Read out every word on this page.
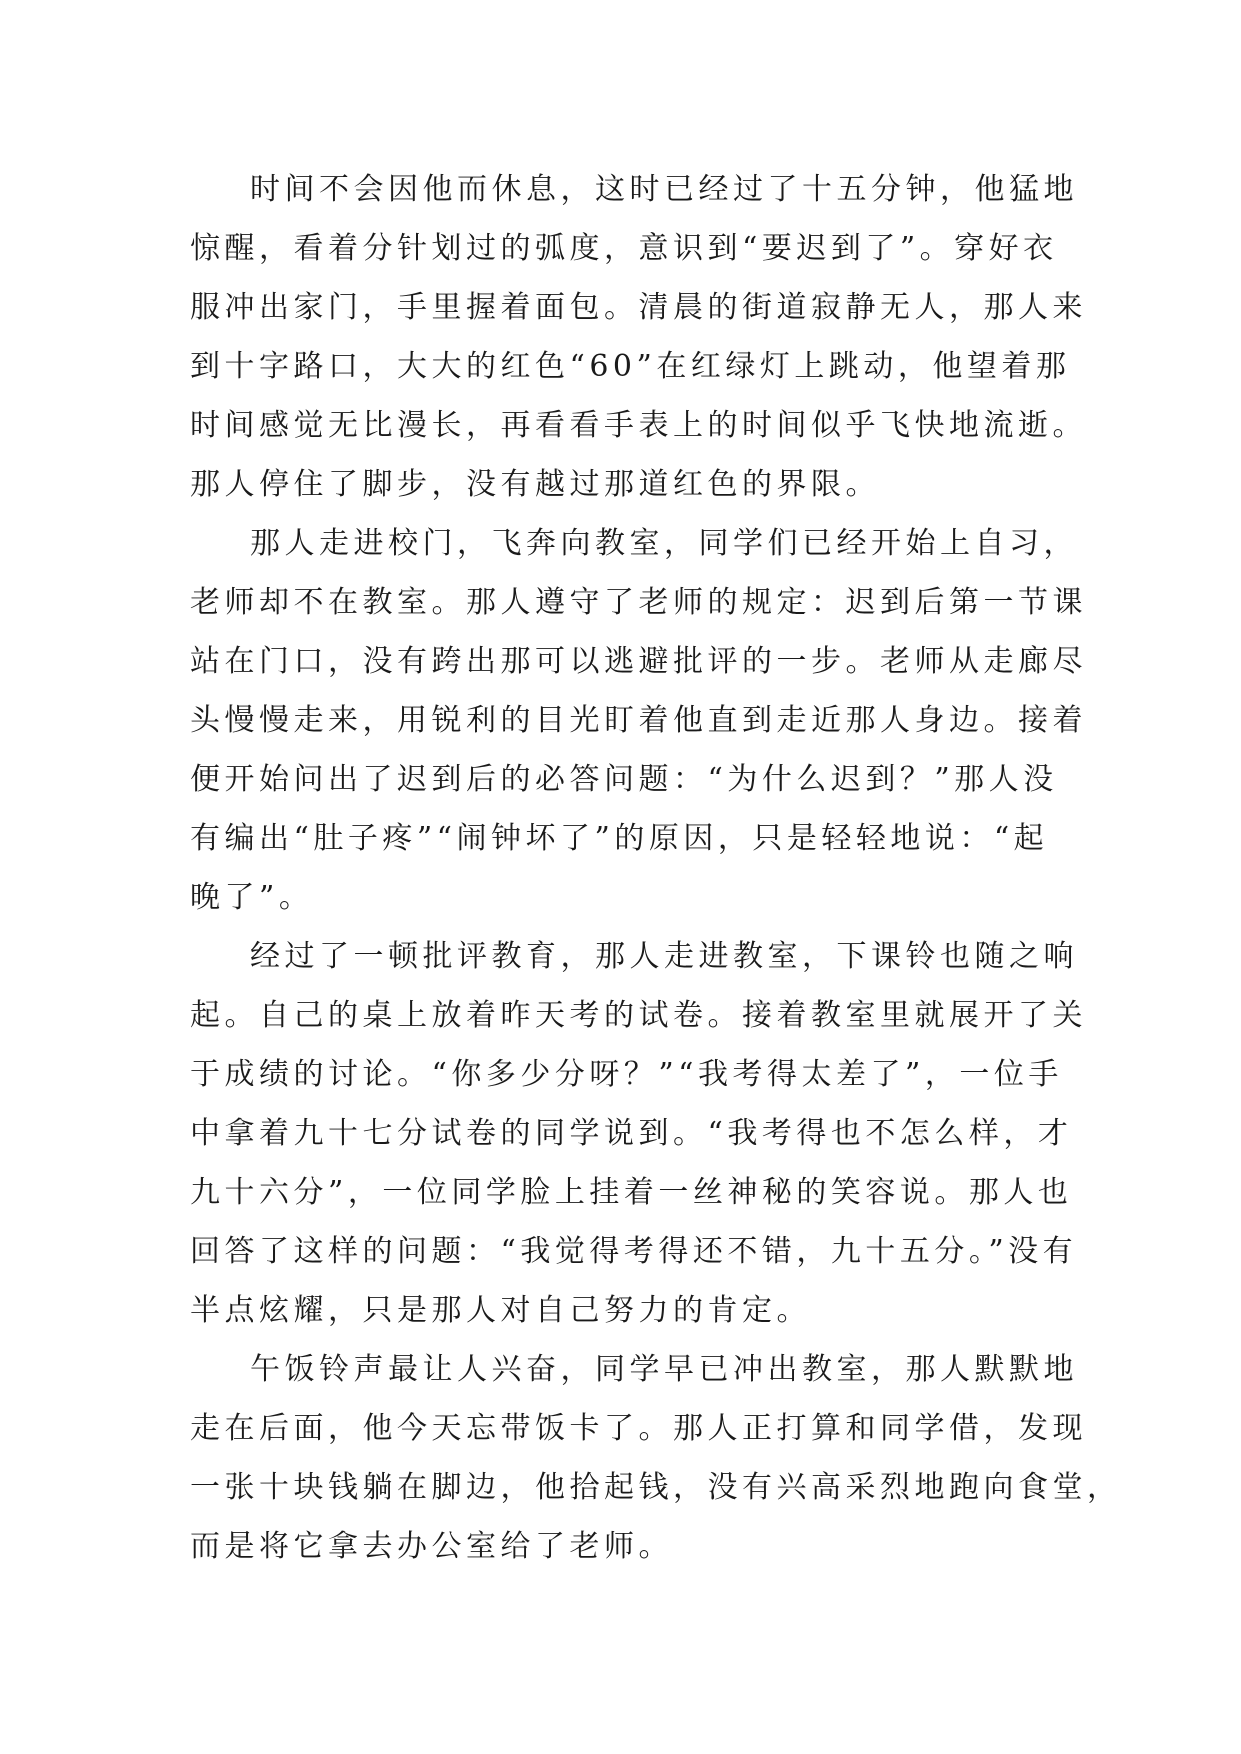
时间不会因他而休息，这时已经过了十五分钟，他猛地
惊醒，看着分针划过的弧度，意识到“要迟到了”。穿好衣
服冲出家门，手里握着面包。清晨的街道寂静无人，那人来
到十字路口，大大的红色“60”在红绿灯上跳动，他望着那
时间感觉无比漫长，再看看手表上的时间似乎飞快地流逝。
那人停住了脚步，没有越过那道红色的界限。

那人走进校门，飞奔向教室，同学们已经开始上自习，
老师却不在教室。那人遵守了老师的规定：迟到后第一节课
站在门口，没有跨出那可以逃避批评的一步。老师从走廊尽
头慢慢走来，用锐利的目光盯着他直到走近那人身边。接着
便开始问出了迟到后的必答问题：“为什么迟到？”那人没
有编出“肚子疼”“闹钟坏了”的原因，只是轻轻地说：“起
晚了”。

经过了一顿批评教育，那人走进教室，下课铃也随之响
起。自己的桌上放着昨天考的试卷。接着教室里就展开了关
于成绩的讨论。“你多少分呀？”“我考得太差了”，一位手
中拿着九十七分试卷的同学说到。“我考得也不怎么样，才
九十六分”，一位同学脸上挂着一丝神秘的笑容说。那人也
回答了这样的问题：“我觉得考得还不错，九十五分。”没有
半点炫耀，只是那人对自己努力的肯定。

午饭铃声最让人兴奋，同学早已冲出教室，那人默默地
走在后面，他今天忘带饭卡了。那人正打算和同学借，发现
一张十块钱躺在脚边，他拾起钱，没有兴高采烈地跑向食堂，
而是将它拿去办公室给了老师。
